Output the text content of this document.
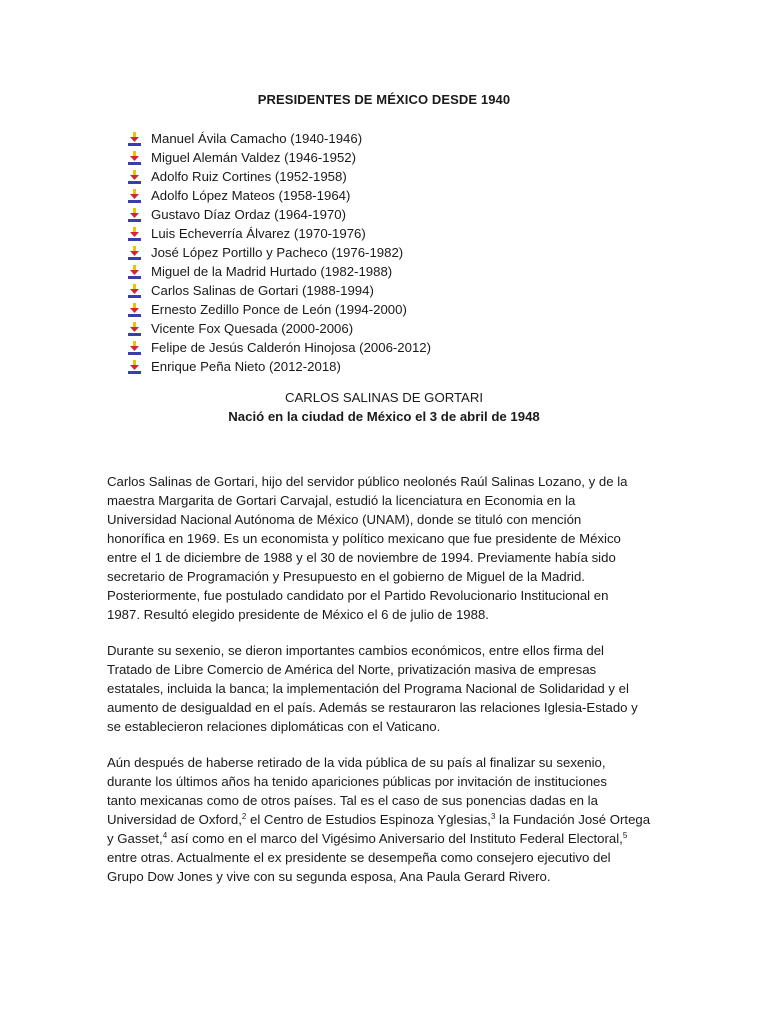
PRESIDENTES DE MÉXICO DESDE 1940
Manuel Ávila Camacho (1940-1946)
Miguel Alemán Valdez (1946-1952)
Adolfo Ruiz Cortines (1952-1958)
Adolfo López Mateos (1958-1964)
Gustavo Díaz Ordaz (1964-1970)
Luis Echeverría Álvarez (1970-1976)
José López Portillo y Pacheco (1976-1982)
Miguel de la Madrid Hurtado (1982-1988)
Carlos Salinas de Gortari (1988-1994)
Ernesto Zedillo Ponce de León (1994-2000)
Vicente Fox Quesada (2000-2006)
Felipe de Jesús Calderón Hinojosa (2006-2012)
Enrique Peña Nieto (2012-2018)
CARLOS SALINAS DE GORTARI
Nació en la ciudad de México el 3 de abril de 1948

Carlos Salinas de Gortari, hijo del servidor público neolonés Raúl Salinas Lozano, y de la
maestra Margarita de Gortari Carvajal, estudió la licenciatura en Economia en la
Universidad Nacional Autónoma de México (UNAM), donde se tituló con mención
honorífica en 1969. Es un economista y político mexicano que fue presidente de México
entre el 1 de diciembre de 1988 y el 30 de noviembre de 1994. Previamente había sido
secretario de Programación y Presupuesto en el gobierno de Miguel de la Madrid.
Posteriormente, fue postulado candidato por el Partido Revolucionario Institucional en
1987. Resultó elegido presidente de México el 6 de julio de 1988.

Durante su sexenio, se dieron importantes cambios económicos, entre ellos firma del
Tratado de Libre Comercio de América del Norte, privatización masiva de empresas
estatales, incluida la banca; la implementación del Programa Nacional de Solidaridad y el
aumento de desigualdad en el país. Además se restauraron las relaciones Iglesia-Estado y
se establecieron relaciones diplomáticas con el Vaticano.

Aún después de haberse retirado de la vida pública de su país al finalizar su sexenio,
durante los últimos años ha tenido apariciones públicas por invitación de instituciones
tanto mexicanas como de otros países. Tal es el caso de sus ponencias dadas en la
Universidad de Oxford,$^2$ el Centro de Estudios Espinoza Yglesias,$^3$ la Fundación José Ortega
y Gasset,$^4$ así como en el marco del Vigésimo Aniversario del Instituto Federal Electoral,$^5$
entre otras. Actualmente el ex presidente se desempeña como consejero ejecutivo del
Grupo Dow Jones y vive con su segunda esposa, Ana Paula Gerard Rivero.
